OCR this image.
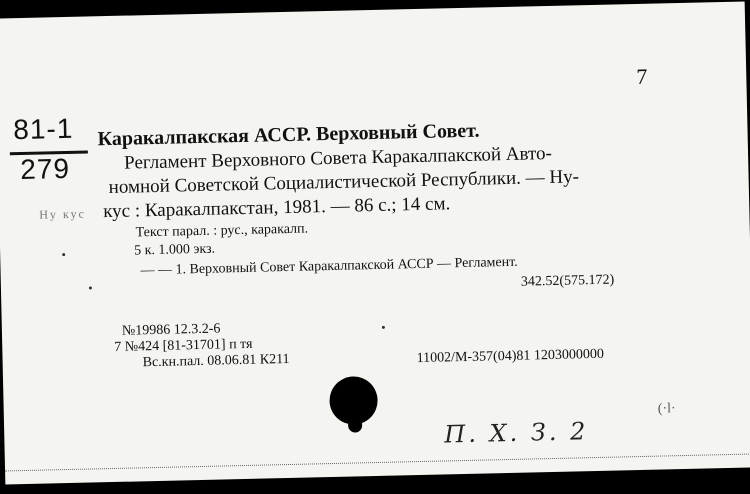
7
81-1
279
Каракалпакская АССР. Верховный Совет.
Регламент Верховного Совета Каракалпакской Авто-
номной Советской Социалистической Республики. — Ну-
кус : Каракалпакстан, 1981. — 86 с.; 14 см.
Текст парал. : рус., каракалп.
5 к. 1.000 экз.
Ну кус
— — 1. Верховный Совет Каракалпакской АССР — Регламент.
342.52(575.172)
№19986 12.3.2-6
7 №424 [81-31701] п тя
Вс.кн.пал. 08.06.81 К211	11002/М-357(04)81 1203000000
П. Х. З. 2
(·l·
